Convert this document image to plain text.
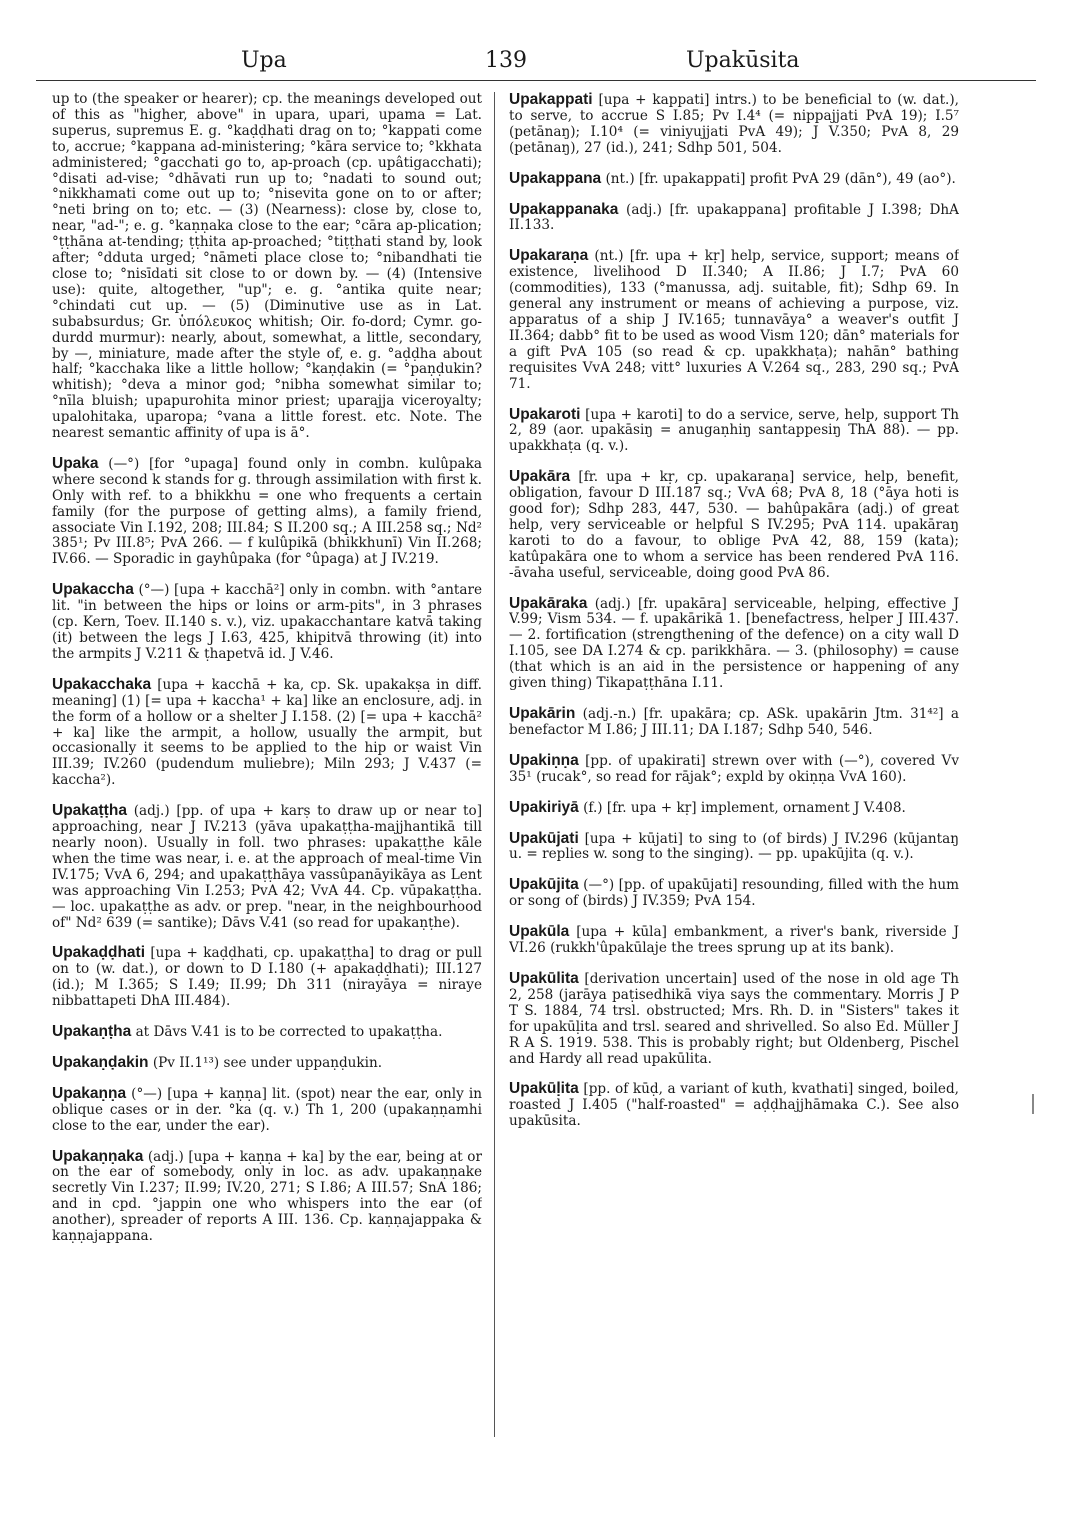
Upa	139	Upakūsita

up to (the speaker or hearer); cp. the meanings developed out of this as "higher, above" in upara, upari, upama = Lat. superus, supremus E. g. °kaḍḍhati drag on to; °kappati come to, accrue; °kappana ad-ministering; °kāra service to; °kkhata administered; °gacchati go to, ap-proach (cp. upâtigacchati); °disati ad-vise; °dhāvati run up to; °nadati to sound out; °nikkhamati come out up to; °nisevita gone on to or after; °neti bring on to; etc. — (3) (Nearness): close by, close to, near, "ad-"; e. g. °kaṇṇaka close to the ear; °cāra ap-plication; °ṭṭhāna at-tending; ṭṭhita ap-proached; °tiṭṭhati stand by, look after; °dduta urged; °nāmeti place close to; °nibandhati tie close to; °nisīdati sit close to or down by. — (4) (Intensive use): quite, altogether, "up"; e. g. °antika quite near; °chindati cut up. — (5) (Diminutive use as in Lat. subabsurdus; Gr. ὑπόλευκος whitish; Oir. fo-dord; Cymr. go-durdd murmur): nearly, about, somewhat, a little, secondary, by —, miniature, made after the style of, e. g. °aḍḍha about half; °kacchaka like a little hollow; °kaṇḍakin (= °paṇḍukin? whitish); °deva a minor god; °nibha somewhat similar to; °nīla bluish; upapurohita minor priest; uparajja viceroyalty; upalohitaka, uparopa; °vana a little forest. etc. Note. The nearest semantic affinity of upa is ā°.

Upaka (—°) [for °upaga] found only in combn. kulûpaka where second k stands for g. through assimilation with first k. Only with ref. to a bhikkhu = one who frequents a certain family (for the purpose of getting alms), a family friend, associate Vin I.192, 208; III.84; S II.200 sq.; A III.258 sq.; Nd² 385¹; Pv III.8⁵; PvA 266. — f kulûpikā (bhikkhunī) Vin II.268; IV.66. — Sporadic in gayhûpaka (for °ûpaga) at J IV.219.

Upakaccha (°—) [upa + kacchā²] only in combn. with °antare lit. "in between the hips or loins or arm-pits", in 3 phrases (cp. Kern, Toev. II.140 s. v.), viz. upakacchantare katvā taking (it) between the legs J I.63, 425, khipitvā throwing (it) into the armpits J V.211 & ṭhapetvā id. J V.46.

Upakacchaka [upa + kacchā + ka, cp. Sk. upakakṣa in diff. meaning] (1) [= upa + kaccha¹ + ka] like an enclosure, adj. in the form of a hollow or a shelter J I.158. (2) [= upa + kacchā² + ka] like the armpit, a hollow, usually the armpit, but occasionally it seems to be applied to the hip or waist Vin III.39; IV.260 (pudendum muliebre); Miln 293; J V.437 (= kaccha²).

Upakaṭṭha (adj.) [pp. of upa + karṣ to draw up or near to] approaching, near J IV.213 (yāva upakaṭṭha-majjhantikā till nearly noon). Usually in foll. two phrases: upakaṭṭhe kāle when the time was near, i. e. at the approach of meal-time Vin IV.175; VvA 6, 294; and upakaṭṭhāya vassûpanāyikāya as Lent was approaching Vin I.253; PvA 42; VvA 44. Cp. vūpakaṭṭha. — loc. upakaṭṭhe as adv. or prep. "near, in the neighbourhood of" Nd² 639 (= santike); Dāvs V.41 (so read for upakaṇṭhe).

Upakaḍḍhati [upa + kaḍḍhati, cp. upakaṭṭha] to drag or pull on to (w. dat.), or down to D I.180 (+ apakaḍḍhati); III.127 (id.); M I.365; S I.49; II.99; Dh 311 (nirayāya = niraye nibbattapeti DhA III.484).

Upakaṇṭha at Dāvs V.41 is to be corrected to upakaṭṭha.

Upakaṇḍakin (Pv II.1¹³) see under uppaṇḍukin.

Upakaṇṇa (°—) [upa + kaṇṇa] lit. (spot) near the ear, only in oblique cases or in der. °ka (q. v.) Th 1, 200 (upakaṇṇamhi close to the ear, under the ear).

Upakaṇṇaka (adj.) [upa + kaṇṇa + ka] by the ear, being at or on the ear of somebody, only in loc. as adv. upakaṇṇake secretly Vin I.237; II.99; IV.20, 271; S I.86; A III.57; SnA 186; and in cpd. °jappin one who whispers into the ear (of another), spreader of reports A III. 136. Cp. kaṇṇajappaka & kaṇṇajappana.

Upakappati [upa + kappati] intrs.) to be beneficial to (w. dat.), to serve, to accrue S I.85; Pv I.4⁴ (= nippajjati PvA 19); I.5⁷ (petānaŋ); I.10⁴ (= viniyujjati PvA 49); J V.350; PvA 8, 29 (petānaŋ), 27 (id.), 241; Sdhp 501, 504.

Upakappana (nt.) [fr. upakappati] profit PvA 29 (dān°), 49 (ao°).

Upakappanaka (adj.) [fr. upakappana] profitable J I.398; DhA II.133.

Upakaraṇa (nt.) [fr. upa + kṛ] help, service, support; means of existence, livelihood D II.340; A II.86; J I.7; PvA 60 (commodities), 133 (°manussa, adj. suitable, fit); Sdhp 69. In general any instrument or means of achieving a purpose, viz. apparatus of a ship J IV.165; tunnavāya° a weaver's outfit J II.364; dabb° fit to be used as wood Vism 120; dān° materials for a gift PvA 105 (so read & cp. upakkhaṭa); nahān° bathing requisites VvA 248; vitt° luxuries A V.264 sq., 283, 290 sq.; PvA 71.

Upakaroti [upa + karoti] to do a service, serve, help, support Th 2, 89 (aor. upakāsiŋ = anugaṇhiŋ santappesiŋ ThA 88). — pp. upakkhaṭa (q. v.).

Upakāra [fr. upa + kṛ, cp. upakaraṇa] service, help, benefit, obligation, favour D III.187 sq.; VvA 68; PvA 8, 18 (°āya hoti is good for); Sdhp 283, 447, 530. — bahûpakāra (adj.) of great help, very serviceable or helpful S IV.295; PvA 114. upakāraŋ karoti to do a favour, to oblige PvA 42, 88, 159 (kata); katûpakāra one to whom a service has been rendered PvA 116. -āvaha useful, serviceable, doing good PvA 86.

Upakāraka (adj.) [fr. upakāra] serviceable, helping, effective J V.99; Vism 534. — f. upakārikā 1. [benefactress, helper J III.437. — 2. fortification (strengthening of the defence) on a city wall D I.105, see DA I.274 & cp. parikkhāra. — 3. (philosophy) = cause (that which is an aid in the persistence or happening of any given thing) Tikapaṭṭhāna I.11.

Upakārin (adj.-n.) [fr. upakāra; cp. ASk. upakārin Jtm. 31⁴²] a benefactor M I.86; J III.11; DA I.187; Sdhp 540, 546.

Upakiṇṇa [pp. of upakirati] strewn over with (—°), covered Vv 35¹ (rucak°, so read for rājak°; expld by okiṇṇa VvA 160).

Upakiriyā (f.) [fr. upa + kṛ] implement, ornament J V.408.

Upakūjati [upa + kūjati] to sing to (of birds) J IV.296 (kūjantaŋ u. = replies w. song to the singing). — pp. upakūjita (q. v.).

Upakūjita (—°) [pp. of upakūjati] resounding, filled with the hum or song of (birds) J IV.359; PvA 154.

Upakūla [upa + kūla] embankment, a river's bank, riverside J VI.26 (rukkh'ûpakūlaje the trees sprung up at its bank).

Upakūlita [derivation uncertain] used of the nose in old age Th 2, 258 (jarāya paṭisedhikā viya says the commentary. Morris J P T S. 1884, 74 trsl. obstructed; Mrs. Rh. D. in "Sisters" takes it for upakūḷita and trsl. seared and shrivelled. So also Ed. Müller J R A S. 1919. 538. This is probably right; but Oldenberg, Pischel and Hardy all read upakūlita.

Upakūḷita [pp. of kūḍ, a variant of kuth, kvathati] singed, boiled, roasted J I.405 ("half-roasted" = aḍḍhajjhāmaka C.). See also upakūsita.
